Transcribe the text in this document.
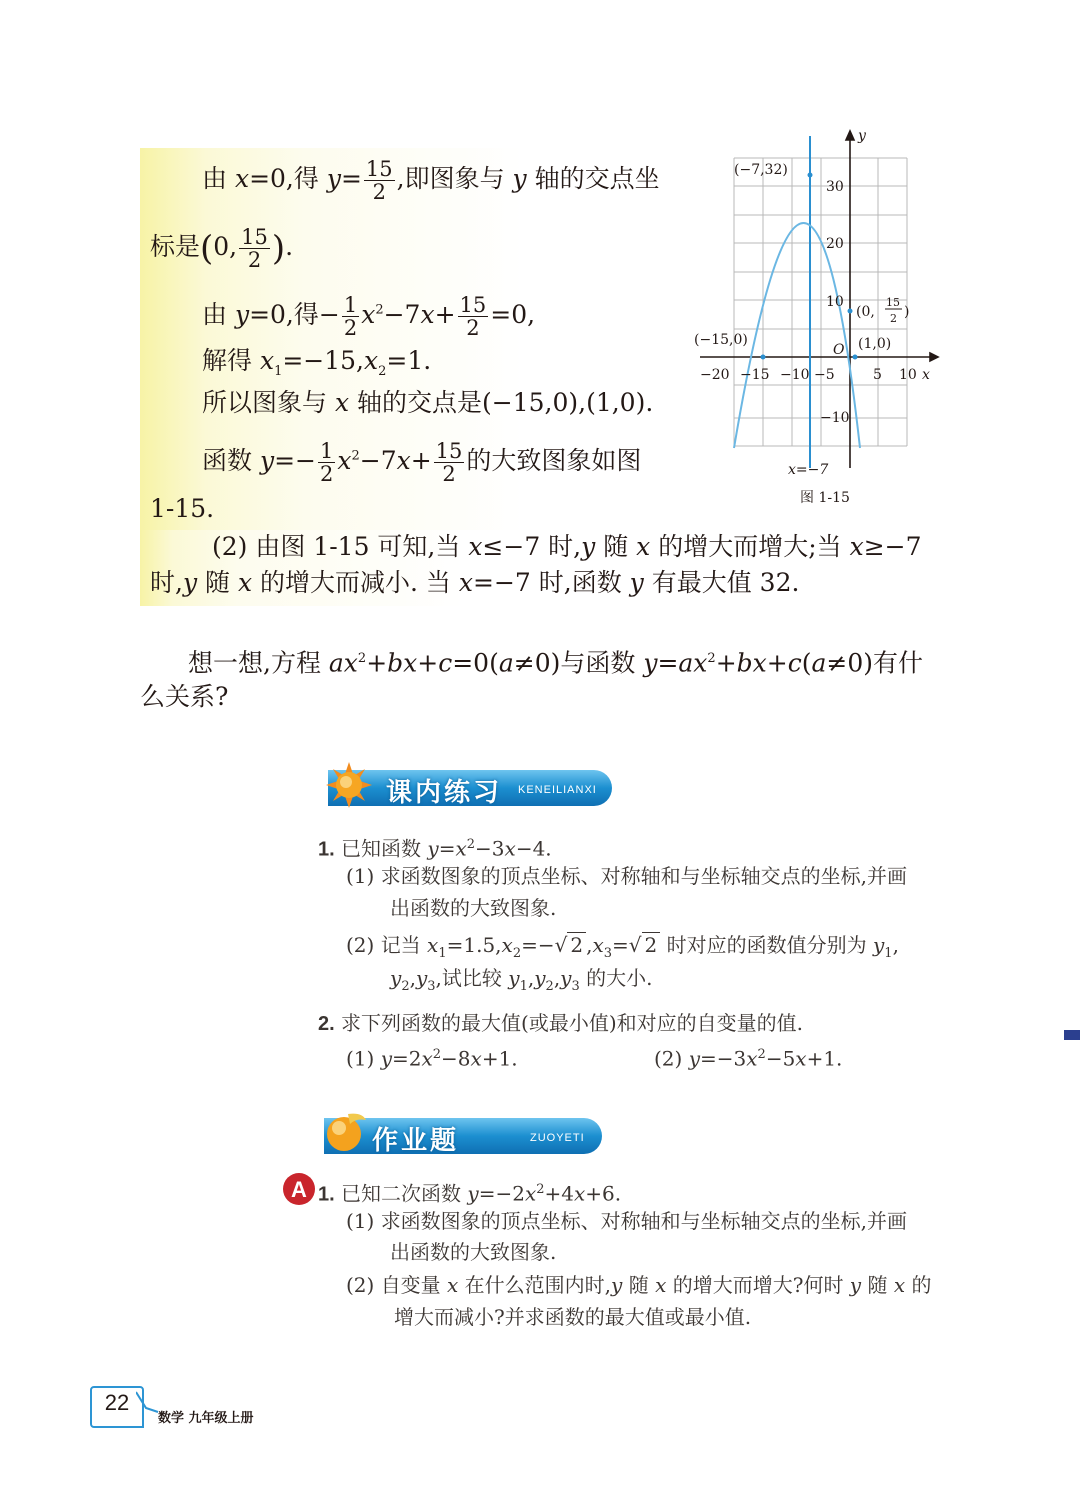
由 x=0,得 $y= \frac{15}{2}$ ,即图象与 y 轴的交点坐
标是(0, $\frac{15}{2}$ ).
由 y=0,得− $\frac{1}{2} x^2-7x+ \frac{15}{2} =0$,
解得 $x_1=-15,x_2=1$.
所以图象与 x 轴的交点是(−15,0),(1,0).
函数 $y=- \frac{1}{2} x^2-7x+ \frac{15}{2}$ 的大致图象如图
1-15.
(2) 由图 1-15 可知,当 x≤−7 时,y 随 x 的增大而增大;当 x≥−7
时,y 随 x 的增大而减小. 当 x=−7 时,函数 y 有最大值 32.
(−7,32)
(−15,0)	(1,0)
(0,
15
2 )
O
x
y
−20 −15 −10 −5	5 10
30
20
10
−10
x=−7
图 1-15
想一想,方程 $ax^2+bx+c=0(a\ne 0)$与函数 $y=ax^2+bx+c(a\ne 0)$有什
么关系?
课内练习 KENEILIANXI
1. 已知函数 $y=x^2-3x-4$.
(1) 求函数图象的顶点坐标、对称轴和与坐标轴交点的坐标,并画
出函数的大致图象.
(2) 记当 $x_1=1.5,x_2=-√$ 2 $,x_3=√$ 2 时对应的函数值分别为 $y_1$,
$y_2,y_3$,试比较 $y_1,y_2,y_3$ 的大小.
2. 求下列函数的最大值(或最小值)和对应的自变量的值.
(1) $y=2x^2-8x+1$.	(2) $y=-3x^2-5x+1$.
作业题	ZUOYETI
A 1. 已知二次函数 $y=-2x^2+4x+6$.
(1) 求函数图象的顶点坐标、对称轴和与坐标轴交点的坐标,并画
出函数的大致图象.
(2) 自变量 x 在什么范围内时,y 随 x 的增大而增大?何时 y 随 x 的
增大而减小?并求函数的最大值或最小值.
22
数学 九年级上册
